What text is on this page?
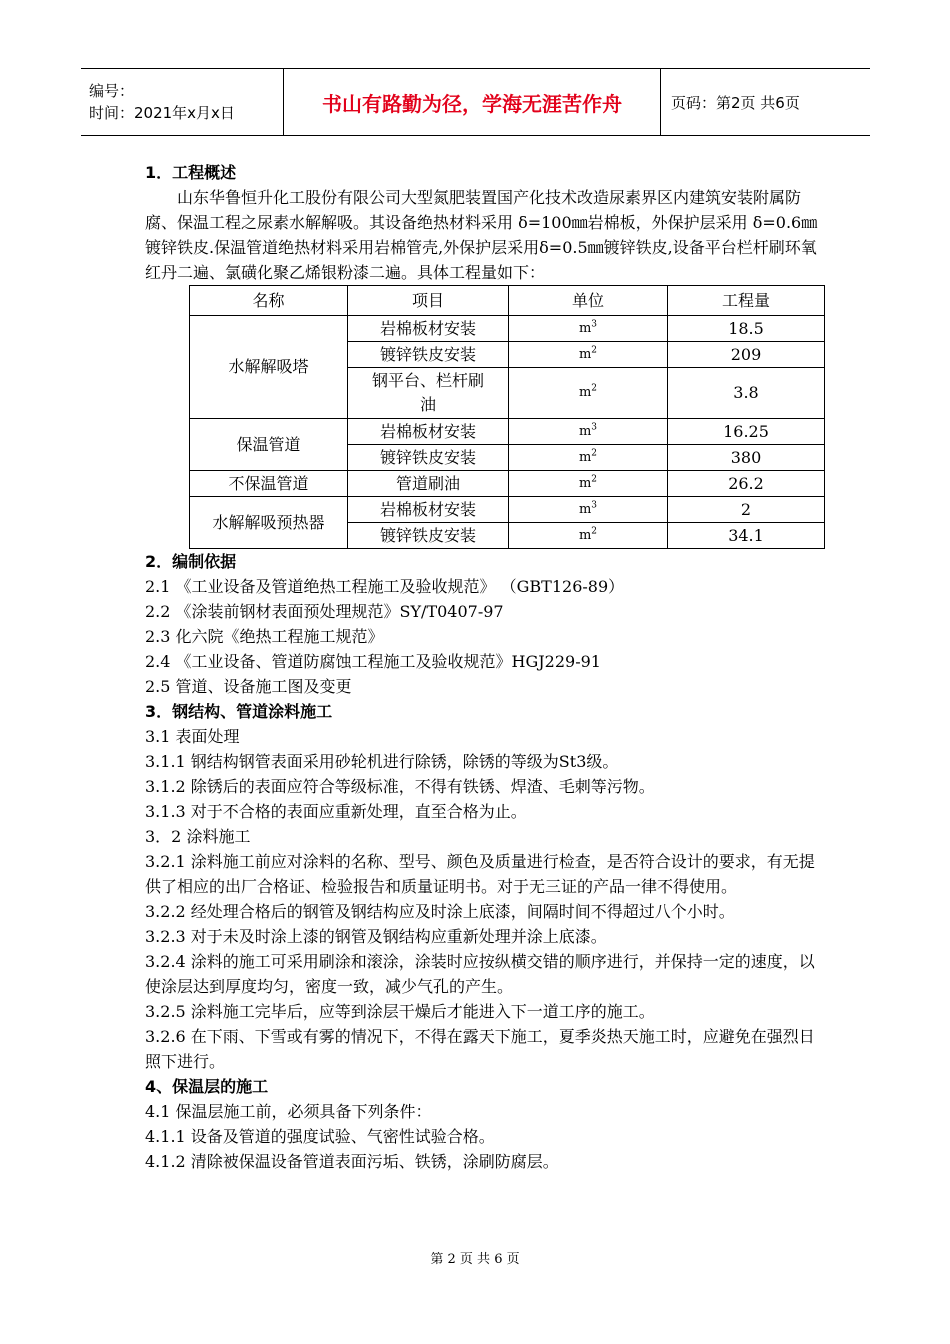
编号：
时间：2021年x月x日	书山有路勤为径，学海无涯苦作舟	页码：第2页 共6页

1．工程概述

山东华鲁恒升化工股份有限公司大型氮肥装置国产化技术改造尿素界区内建筑安装附属防腐、保温工程之尿素水解解吸。其设备绝热材料采用 δ=100㎜岩棉板，外保护层采用 δ=0.6㎜镀锌铁皮.保温管道绝热材料采用岩棉管壳,外保护层采用δ=0.5㎜镀锌铁皮,设备平台栏杆刷环氧红丹二遍、氯磺化聚乙烯银粉漆二遍。具体工程量如下：

名称	项目	单位	工程量
水解解吸塔	岩棉板材安装	$m^3$	18.5
	镀锌铁皮安装	$m^2$	209
	钢平台、栏杆刷油	$m^2$	3.8
保温管道	岩棉板材安装	$m^3$	16.25
	镀锌铁皮安装	$m^2$	380
不保温管道	管道刷油	$m^2$	26.2
水解解吸预热器	岩棉板材安装	$m^3$	2
	镀锌铁皮安装	$m^2$	34.1

2．编制依据

2.1 《工业设备及管道绝热工程施工及验收规范》 （GBT126-89）

2.2 《涂装前钢材表面预处理规范》SY/T0407-97

2.3 化六院《绝热工程施工规范》

2.4 《工业设备、管道防腐蚀工程施工及验收规范》HGJ229-91

2.5 管道、设备施工图及变更

3．钢结构、管道涂料施工

3.1 表面处理

3.1.1 钢结构钢管表面采用砂轮机进行除锈，除锈的等级为St3级。

3.1.2 除锈后的表面应符合等级标准，不得有铁锈、焊渣、毛刺等污物。

3.1.3 对于不合格的表面应重新处理，直至合格为止。

3．2 涂料施工

3.2.1 涂料施工前应对涂料的名称、型号、颜色及质量进行检查，是否符合设计的要求，有无提供了相应的出厂合格证、检验报告和质量证明书。对于无三证的产品一律不得使用。

3.2.2 经处理合格后的钢管及钢结构应及时涂上底漆，间隔时间不得超过八个小时。

3.2.3 对于未及时涂上漆的钢管及钢结构应重新处理并涂上底漆。

3.2.4 涂料的施工可采用刷涂和滚涂，涂装时应按纵横交错的顺序进行，并保持一定的速度，以使涂层达到厚度均匀，密度一致，减少气孔的产生。

3.2.5 涂料施工完毕后，应等到涂层干燥后才能进入下一道工序的施工。

3.2.6 在下雨、下雪或有雾的情况下，不得在露天下施工，夏季炎热天施工时，应避免在强烈日照下进行。

4、保温层的施工

4.1 保温层施工前，必须具备下列条件：

4.1.1 设备及管道的强度试验、气密性试验合格。

4.1.2 清除被保温设备管道表面污垢、铁锈，涂刷防腐层。

第 2 页 共 6 页
